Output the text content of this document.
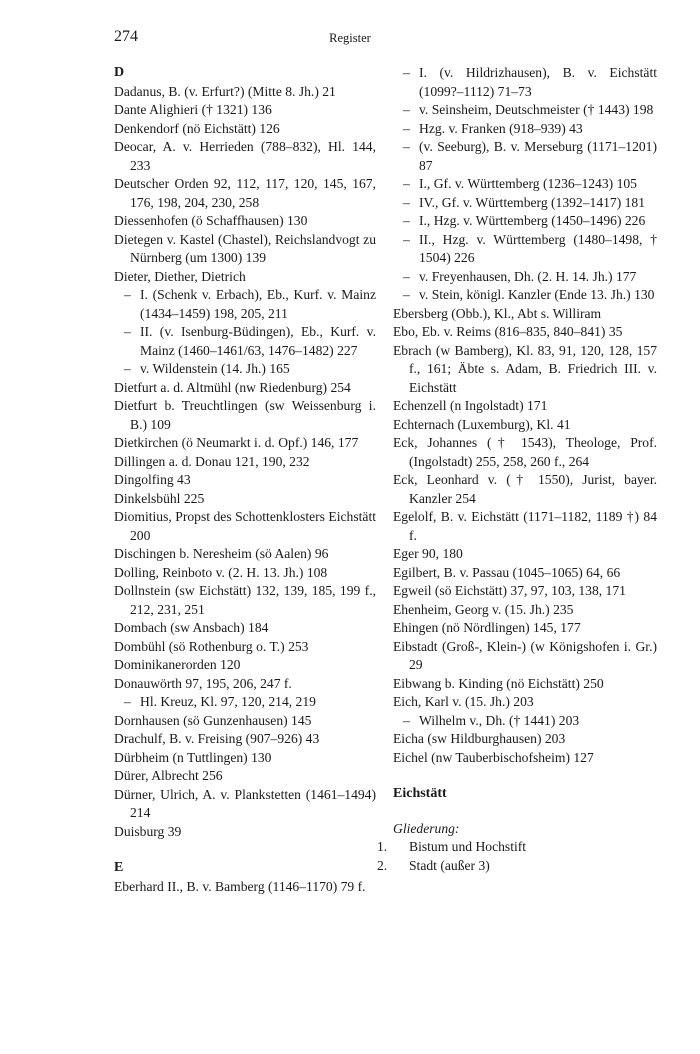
274	Register
D
Dadanus, B. (v. Erfurt?) (Mitte 8. Jh.) 21
Dante Alighieri († 1321) 136
Denkendorf (nö Eichstätt) 126
Deocar, A. v. Herrieden (788–832), Hl. 144, 233
Deutscher Orden 92, 112, 117, 120, 145, 167, 176, 198, 204, 230, 258
Diessenhofen (ö Schaffhausen) 130
Dietegen v. Kastel (Chastel), Reichslandvogt zu Nürnberg (um 1300) 139
Dieter, Diether, Dietrich
– I. (Schenk v. Erbach), Eb., Kurf. v. Mainz (1434–1459) 198, 205, 211
– II. (v. Isenburg-Büdingen), Eb., Kurf. v. Mainz (1460–1461/63, 1476–1482) 227
– v. Wildenstein (14. Jh.) 165
Dietfurt a. d. Altmühl (nw Riedenburg) 254
Dietfurt b. Treuchtlingen (sw Weissenburg i. B.) 109
Dietkirchen (ö Neumarkt i. d. Opf.) 146, 177
Dillingen a. d. Donau 121, 190, 232
Dingolfing 43
Dinkelsbühl 225
Diomitius, Propst des Schottenklosters Eichstätt 200
Dischingen b. Neresheim (sö Aalen) 96
Dolling, Reinboto v. (2. H. 13. Jh.) 108
Dollnstein (sw Eichstätt) 132, 139, 185, 199 f., 212, 231, 251
Dombach (sw Ansbach) 184
Dombühl (sö Rothenburg o. T.) 253
Dominikanerorden 120
Donauwörth 97, 195, 206, 247 f.
– Hl. Kreuz, Kl. 97, 120, 214, 219
Dornhausen (sö Gunzenhausen) 145
Drachulf, B. v. Freising (907–926) 43
Dürbheim (n Tuttlingen) 130
Dürer, Albrecht 256
Dürner, Ulrich, A. v. Plankstetten (1461–1494) 214
Duisburg 39
E
Eberhard II., B. v. Bamberg (1146–1170) 79 f.
– I. (v. Hildrizhausen), B. v. Eichstätt (1099?–1112) 71–73
– v. Seinsheim, Deutschmeister († 1443) 198
– Hzg. v. Franken (918–939) 43
– (v. Seeburg), B. v. Merseburg (1171–1201) 87
– I., Gf. v. Württemberg (1236–1243) 105
– IV., Gf. v. Württemberg (1392–1417) 181
– I., Hzg. v. Württemberg (1450–1496) 226
– II., Hzg. v. Württemberg (1480–1498, † 1504) 226
– v. Freyenhausen, Dh. (2. H. 14. Jh.) 177
– v. Stein, königl. Kanzler (Ende 13. Jh.) 130
Ebersberg (Obb.), Kl., Abt s. Williram
Ebo, Eb. v. Reims (816–835, 840–841) 35
Ebrach (w Bamberg), Kl. 83, 91, 120, 128, 157 f., 161; Äbte s. Adam, B. Friedrich III. v. Eichstätt
Echenzell (n Ingolstadt) 171
Echternach (Luxemburg), Kl. 41
Eck, Johannes († 1543), Theologe, Prof. (Ingolstadt) 255, 258, 260 f., 264
Eck, Leonhard v. († 1550), Jurist, bayer. Kanzler 254
Egelolf, B. v. Eichstätt (1171–1182, 1189 †) 84 f.
Eger 90, 180
Egilbert, B. v. Passau (1045–1065) 64, 66
Egweil (sö Eichstätt) 37, 97, 103, 138, 171
Ehenheim, Georg v. (15. Jh.) 235
Ehingen (nö Nördlingen) 145, 177
Eibstadt (Groß-, Klein-) (w Königshofen i. Gr.) 29
Eibwang b. Kinding (nö Eichstätt) 250
Eich, Karl v. (15. Jh.) 203
– Wilhelm v., Dh. († 1441) 203
Eicha (sw Hildburghausen) 203
Eichel (nw Tauberbischofsheim) 127
Eichstätt
Gliederung:
1. Bistum und Hochstift
2. Stadt (außer 3)
